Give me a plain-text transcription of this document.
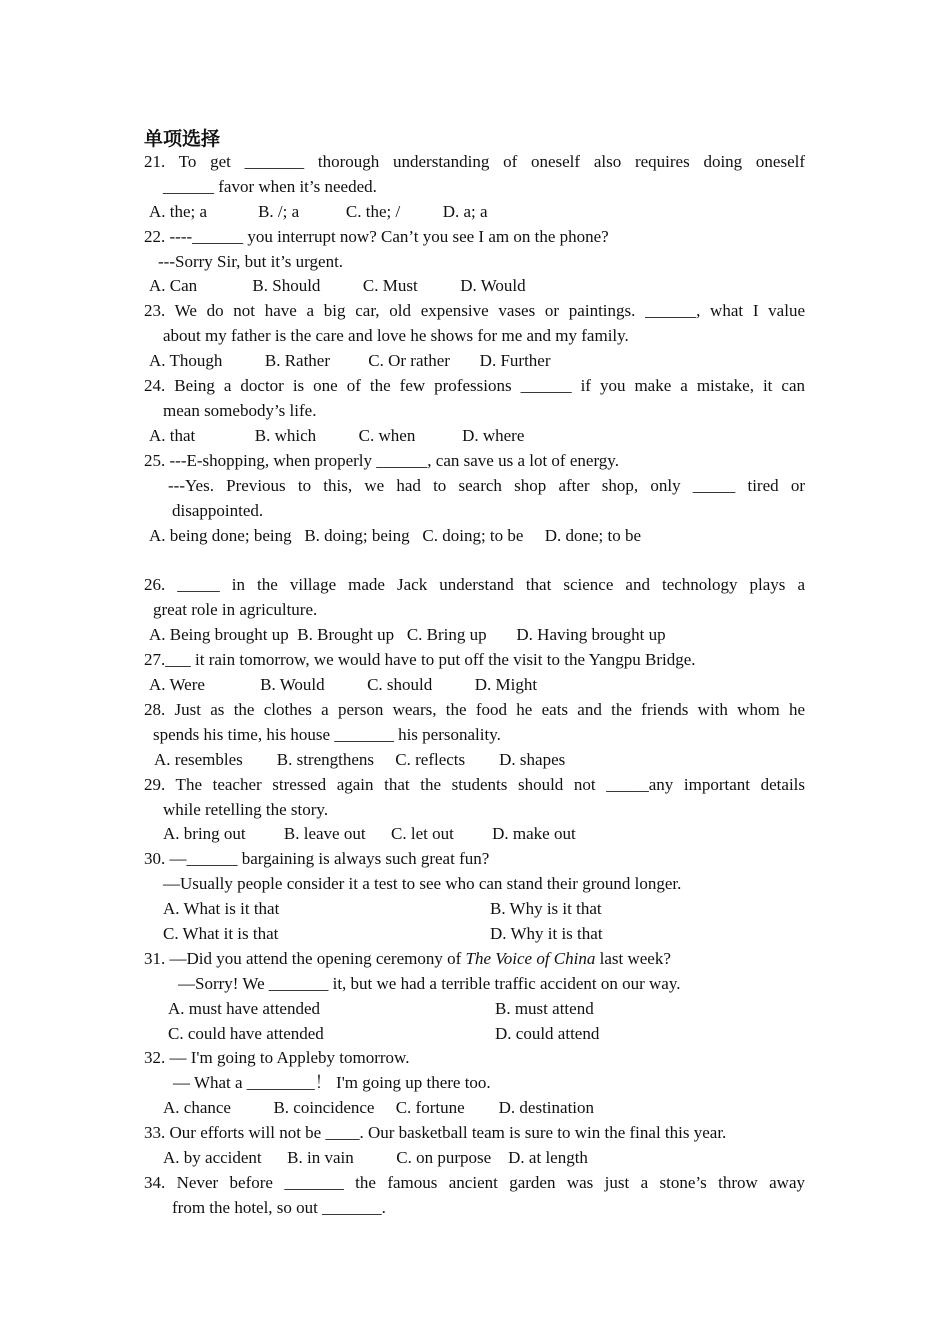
单项选择
21. To get _______ thorough understanding of oneself also requires doing oneself
______ favor when it’s needed.
A. the; a            B. /; a           C. the; /          D. a; a
22. ----______ you interrupt now? Can’t you see I am on the phone?
---Sorry Sir, but it’s urgent.
A. Can             B. Should          C. Must          D. Would
23. We do not have a big car, old expensive vases or paintings. ______, what I value
about my father is the care and love he shows for me and my family.
A. Though          B. Rather         C. Or rather       D. Further
24. Being a doctor is one of the few professions ______ if you make a mistake, it can
mean somebody’s life.
A. that              B. which          C. when           D. where
25. ---E-shopping, when properly ______, can save us a lot of energy.
---Yes. Previous to this, we had to search shop after shop, only _____ tired or
disappointed.
A. being done; being   B. doing; being   C. doing; to be     D. done; to be
26. _____ in the village made Jack understand that science and technology plays a
great role in agriculture.
A. Being brought up  B. Brought up   C. Bring up       D. Having brought up
27.___ it rain tomorrow, we would have to put off the visit to the Yangpu Bridge.
A. Were             B. Would          C. should          D. Might
28. Just as the clothes a person wears, the food he eats and the friends with whom he
spends his time, his house _______ his personality.
A. resembles        B. strengthens     C. reflects        D. shapes
29. The teacher stressed again that the students should not _____any important details
while retelling the story.
A. bring out         B. leave out      C. let out         D. make out
30. —______ bargaining is always such great fun?
—Usually people consider it a test to see who can stand their ground longer.
A. What is it that	B. Why is it that
C. What it is that	D. Why it is that
31. —Did you attend the opening ceremony of The Voice of China last week?
—Sorry! We _______ it, but we had a terrible traffic accident on our way.
A. must have attended	B. must attend
C. could have attended	D. could attend
32. — I'm going to Appleby tomorrow.
— What a ________！ I'm going up there too.
A. chance          B. coincidence     C. fortune        D. destination
33. Our efforts will not be ____. Our basketball team is sure to win the final this year.
A. by accident      B. in vain          C. on purpose    D. at length
34. Never before _______ the famous ancient garden was just a stone’s throw away
from the hotel, so out _______.
